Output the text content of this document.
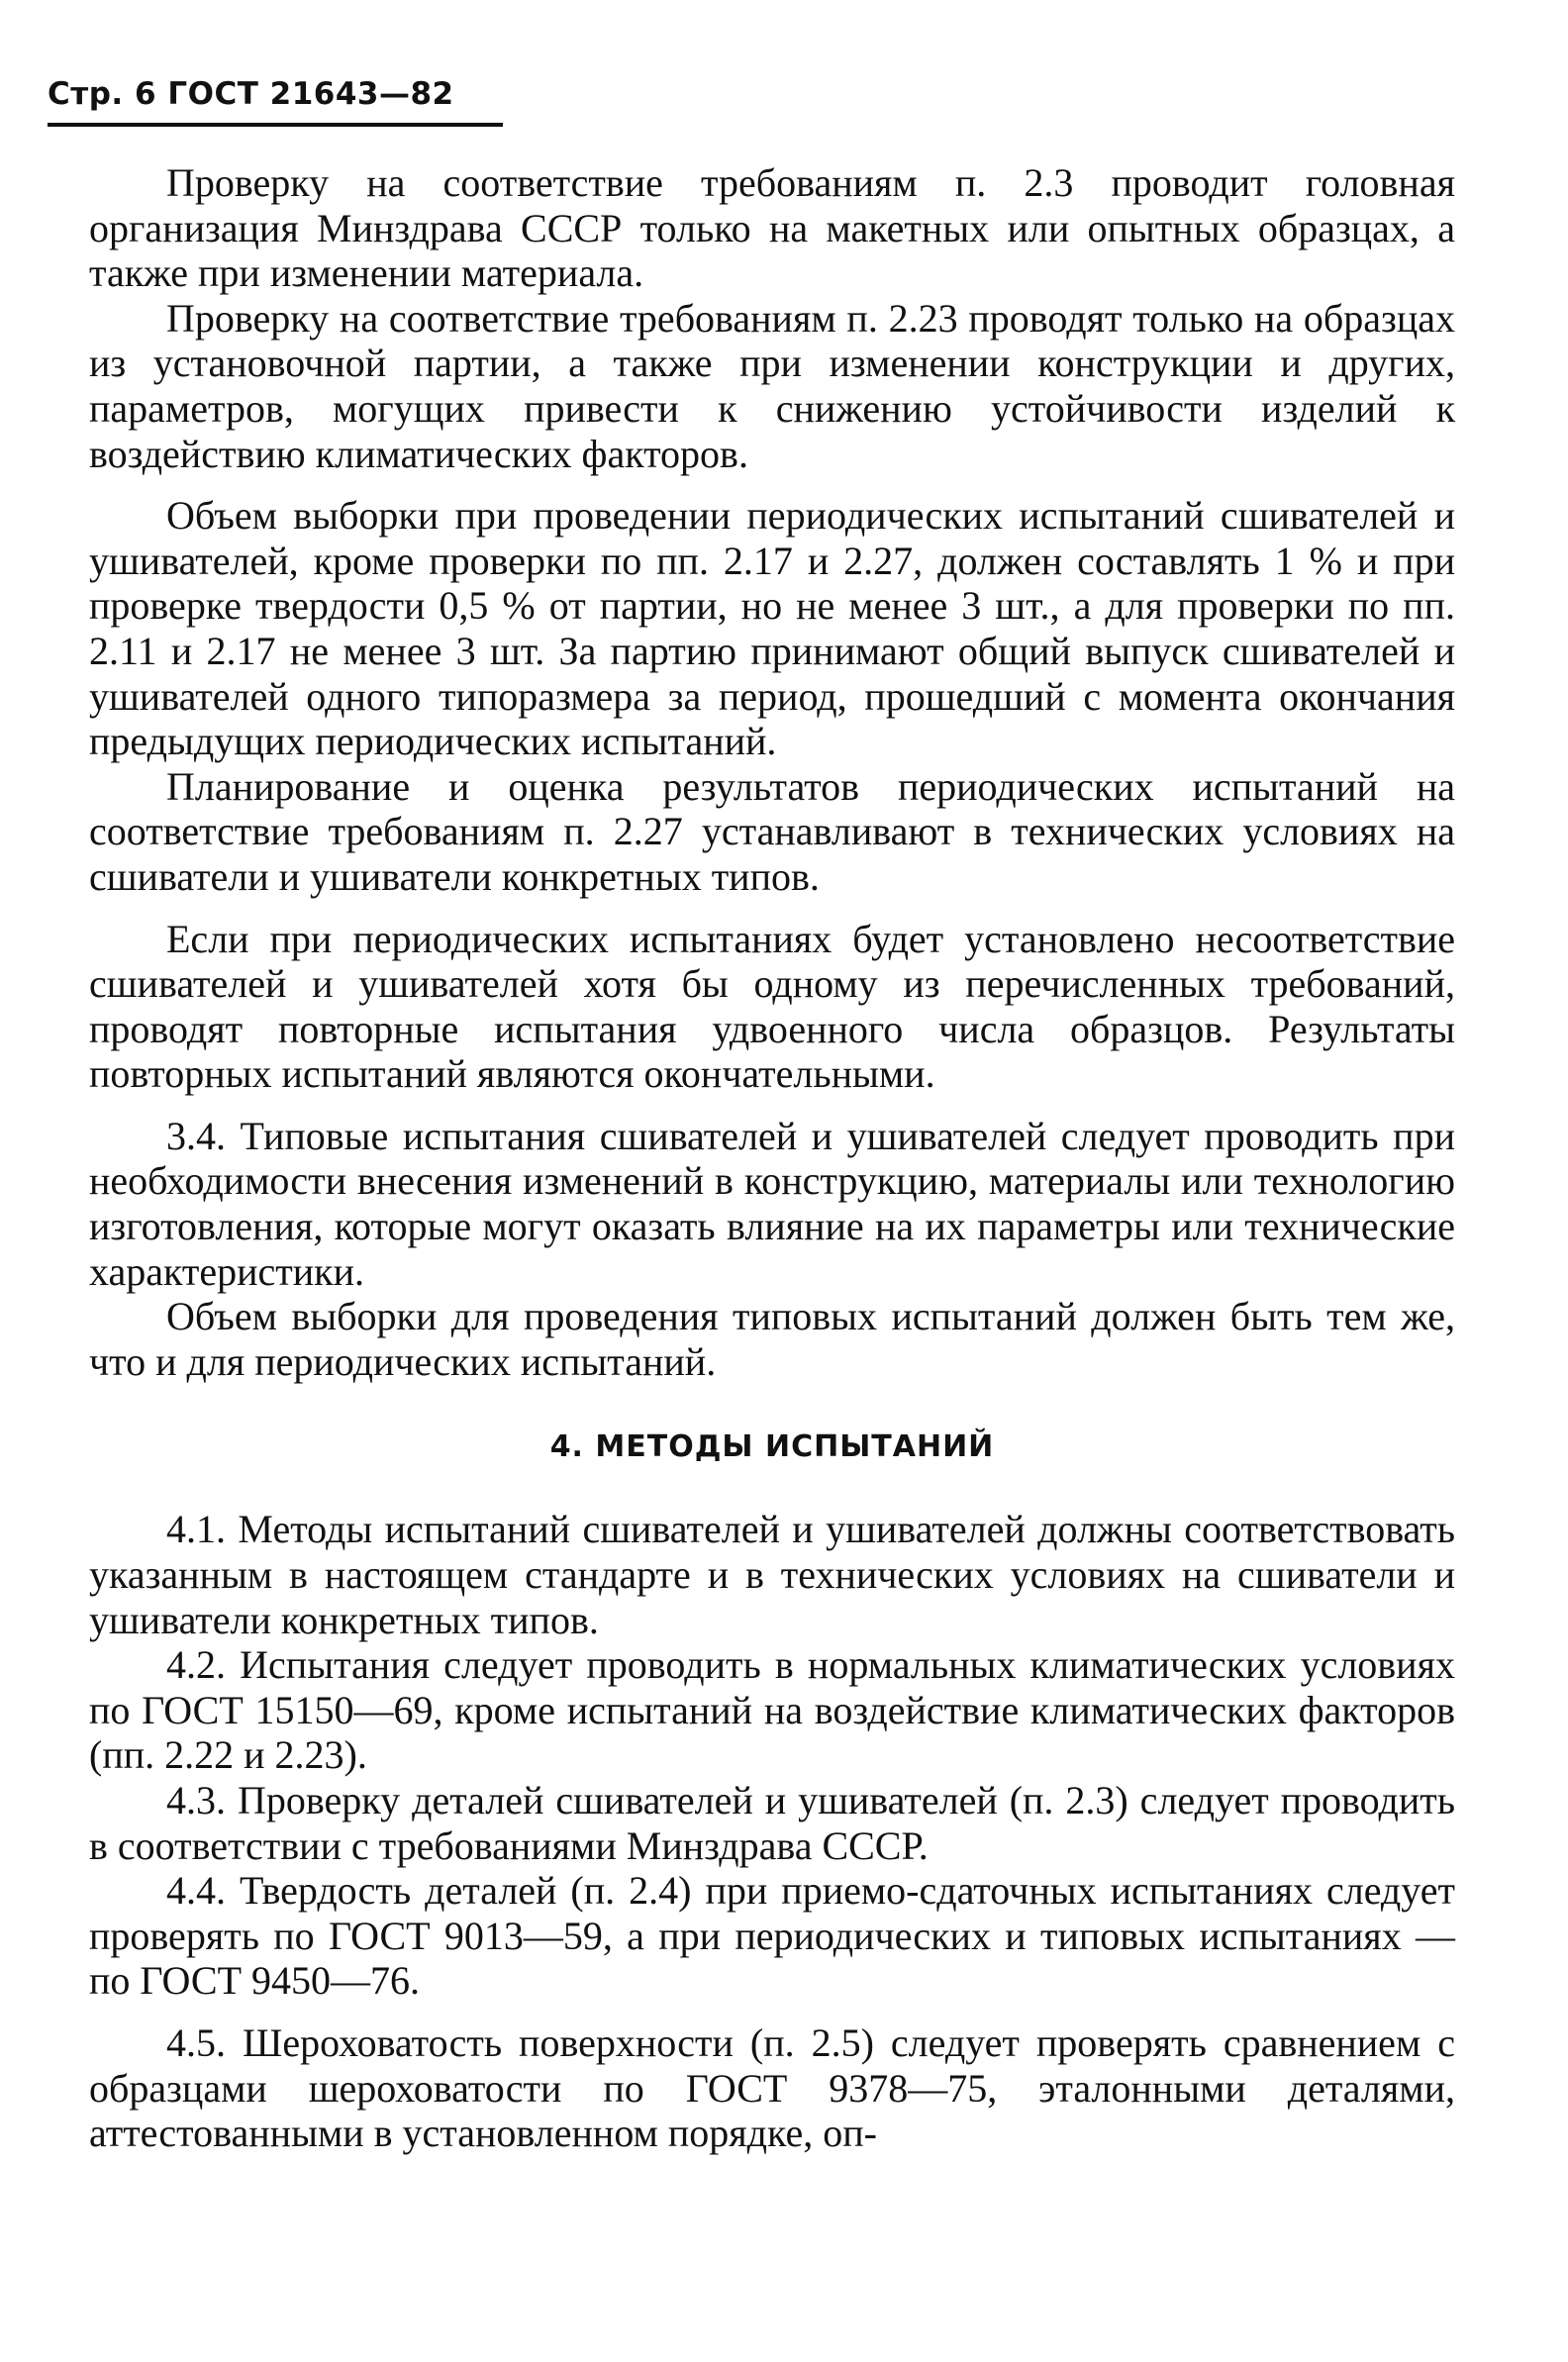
Стр. 6 ГОСТ 21643—82

Проверку на соответствие требованиям п. 2.3 проводит головная организация Минздрава СССР только на макетных или опытных образцах, а также при изменении материала.

Проверку на соответствие требованиям п. 2.23 проводят только на образцах из установочной партии, а также при изменении конструкции и других, параметров, могущих привести к снижению устойчивости изделий к воздействию климатических факторов.

Объем выборки при проведении периодических испытаний сшивателей и ушивателей, кроме проверки по пп. 2.17 и 2.27, должен составлять 1 % и при проверке твердости 0,5 % от партии, но не менее 3 шт., а для проверки по пп. 2.11 и 2.17 не менее 3 шт. За партию принимают общий выпуск сшивателей и ушивателей одного типоразмера за период, прошедший с момента окончания предыдущих периодических испытаний.

Планирование и оценка результатов периодических испытаний на соответствие требованиям п. 2.27 устанавливают в технических условиях на сшиватели и ушиватели конкретных типов.

Если при периодических испытаниях будет установлено несоответствие сшивателей и ушивателей хотя бы одному из перечисленных требований, проводят повторные испытания удвоенного числа образцов. Результаты повторных испытаний являются окончательными.

3.4. Типовые испытания сшивателей и ушивателей следует проводить при необходимости внесения изменений в конструкцию, материалы или технологию изготовления, которые могут оказать влияние на их параметры или технические характеристики.

Объем выборки для проведения типовых испытаний должен быть тем же, что и для периодических испытаний.

4. МЕТОДЫ ИСПЫТАНИЙ

4.1. Методы испытаний сшивателей и ушивателей должны соответствовать указанным в настоящем стандарте и в технических условиях на сшиватели и ушиватели конкретных типов.

4.2. Испытания следует проводить в нормальных климатических условиях по ГОСТ 15150—69, кроме испытаний на воздействие климатических факторов (пп. 2.22 и 2.23).

4.3. Проверку деталей сшивателей и ушивателей (п. 2.3) следует проводить в соответствии с требованиями Минздрава СССР.

4.4. Твердость деталей (п. 2.4) при приемо-сдаточных испытаниях следует проверять по ГОСТ 9013—59, а при периодических и типовых испытаниях — по ГОСТ 9450—76.

4.5. Шероховатость поверхности (п. 2.5) следует проверять сравнением с образцами шероховатости по ГОСТ 9378—75, эталонными деталями, аттестованными в установленном порядке, оп-
